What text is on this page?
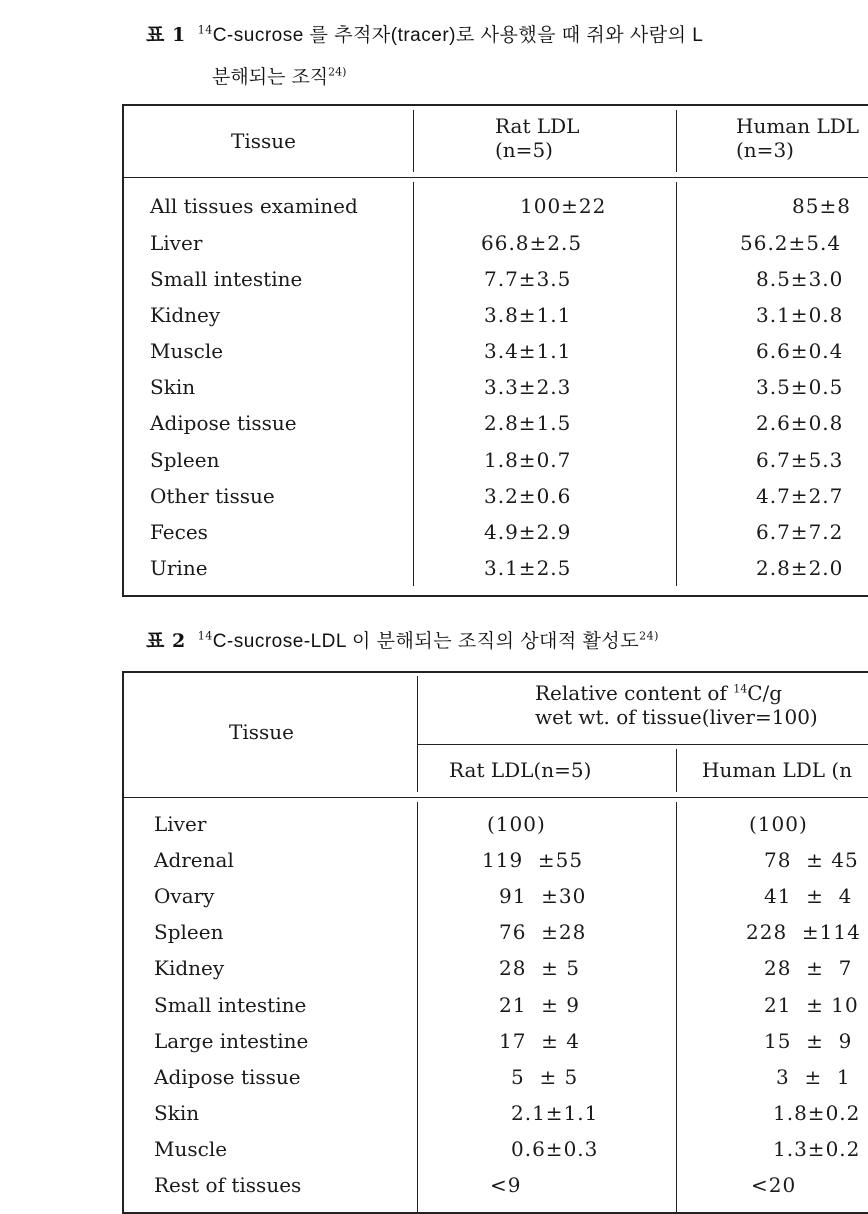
표 1 $^{14}$C-sucrose 를 추적자(tracer)로 사용했을 때 쥐와 사람의 L
분해되는 조직$^{24)}$
Tissue
Rat LDL
(n=5)
Human LDL
(n=3)
All tissues examined	100±22	85±8
Liver	66.8±2.5	56.2±5.4
Small intestine	7.7±3.5	8.5±3.0
Kidney	3.8±1.1	3.1±0.8
Muscle	3.4±1.1	6.6±0.4
Skin	3.3±2.3	3.5±0.5
Adipose tissue	2.8±1.5	2.6±0.8
Spleen	1.8±0.7	6.7±5.3
Other tissue	3.2±0.6	4.7±2.7
Feces	4.9±2.9	6.7±7.2
Urine	3.1±2.5	2.8±2.0
표 2 $^{14}$C-sucrose-LDL 이 분해되는 조직의 상대적 활성도$^{24)}$
Tissue
Relative content of $^{14}$C/g
wet wt. of tissue(liver=100)
Rat LDL(n=5)	Human LDL (n
Liver	(100)	(100)
Adrenal	119  ±55	78  ± 45
Ovary	91  ±30	41  ±  4
Spleen	76  ±28	228  ±114
Kidney	28  ± 5	28  ±  7
Small intestine	21  ± 9	21  ± 10
Large intestine	17  ± 4	15  ±  9
Adipose tissue	5  ± 5	3  ±  1
Skin	2.1±1.1	1.8±0.2
Muscle	0.6±0.3	1.3±0.2
Rest of tissues	<9	<20
